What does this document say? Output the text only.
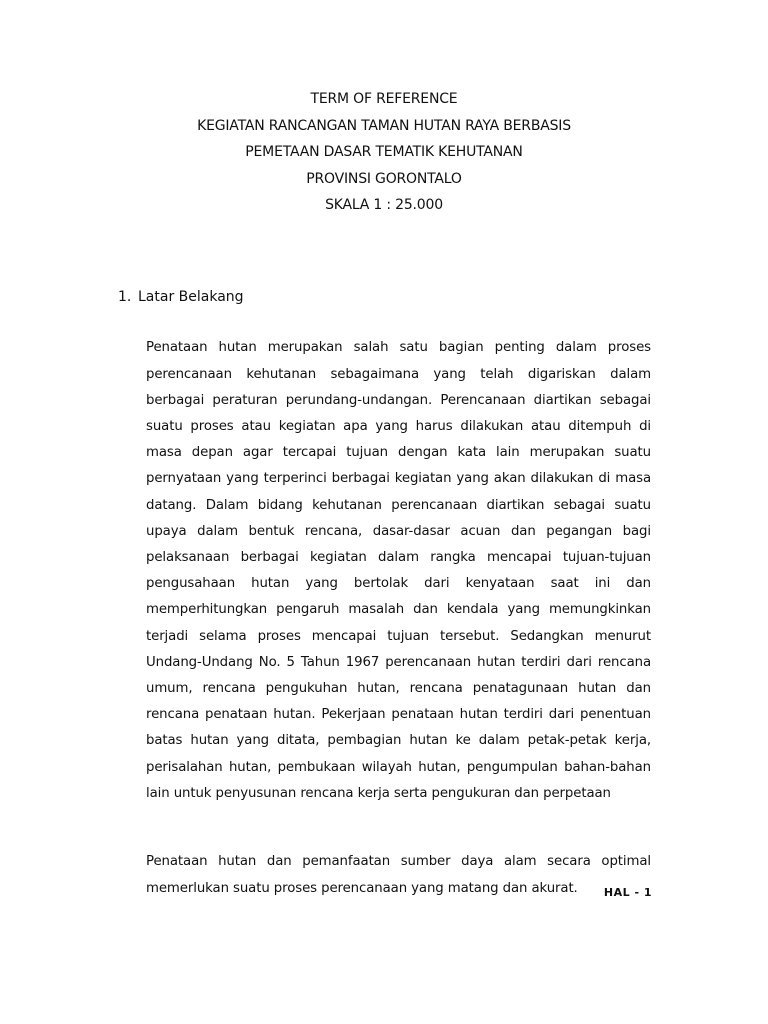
TERM OF REFERENCE
KEGIATAN RANCANGAN TAMAN HUTAN RAYA BERBASIS
PEMETAAN DASAR TEMATIK KEHUTANAN
PROVINSI GORONTALO
SKALA 1 : 25.000
1. Latar Belakang

Penataan hutan merupakan salah satu bagian penting dalam proses perencanaan kehutanan sebagaimana yang telah digariskan dalam berbagai peraturan perundang-undangan. Perencanaan diartikan sebagai suatu proses atau kegiatan apa yang harus dilakukan atau ditempuh di masa depan agar tercapai tujuan dengan kata lain merupakan suatu pernyataan yang terperinci berbagai kegiatan yang akan dilakukan di masa datang. Dalam bidang kehutanan perencanaan diartikan sebagai suatu upaya dalam bentuk rencana, dasar-dasar acuan dan pegangan bagi pelaksanaan berbagai kegiatan dalam rangka mencapai tujuan-tujuan pengusahaan hutan yang bertolak dari kenyataan saat ini dan memperhitungkan pengaruh masalah dan kendala yang memungkinkan terjadi selama proses mencapai tujuan tersebut. Sedangkan menurut Undang-Undang No. 5 Tahun 1967 perencanaan hutan terdiri dari rencana umum, rencana pengukuhan hutan, rencana penatagunaan hutan dan rencana penataan hutan. Pekerjaan penataan hutan terdiri dari penentuan batas hutan yang ditata, pembagian hutan ke dalam petak-petak kerja, perisalahan hutan, pembukaan wilayah hutan, pengumpulan bahan-bahan lain untuk penyusunan rencana kerja serta pengukuran dan perpetaan

Penataan hutan dan pemanfaatan sumber daya alam secara optimal memerlukan suatu proses perencanaan yang matang dan akurat.	HAL - 1
